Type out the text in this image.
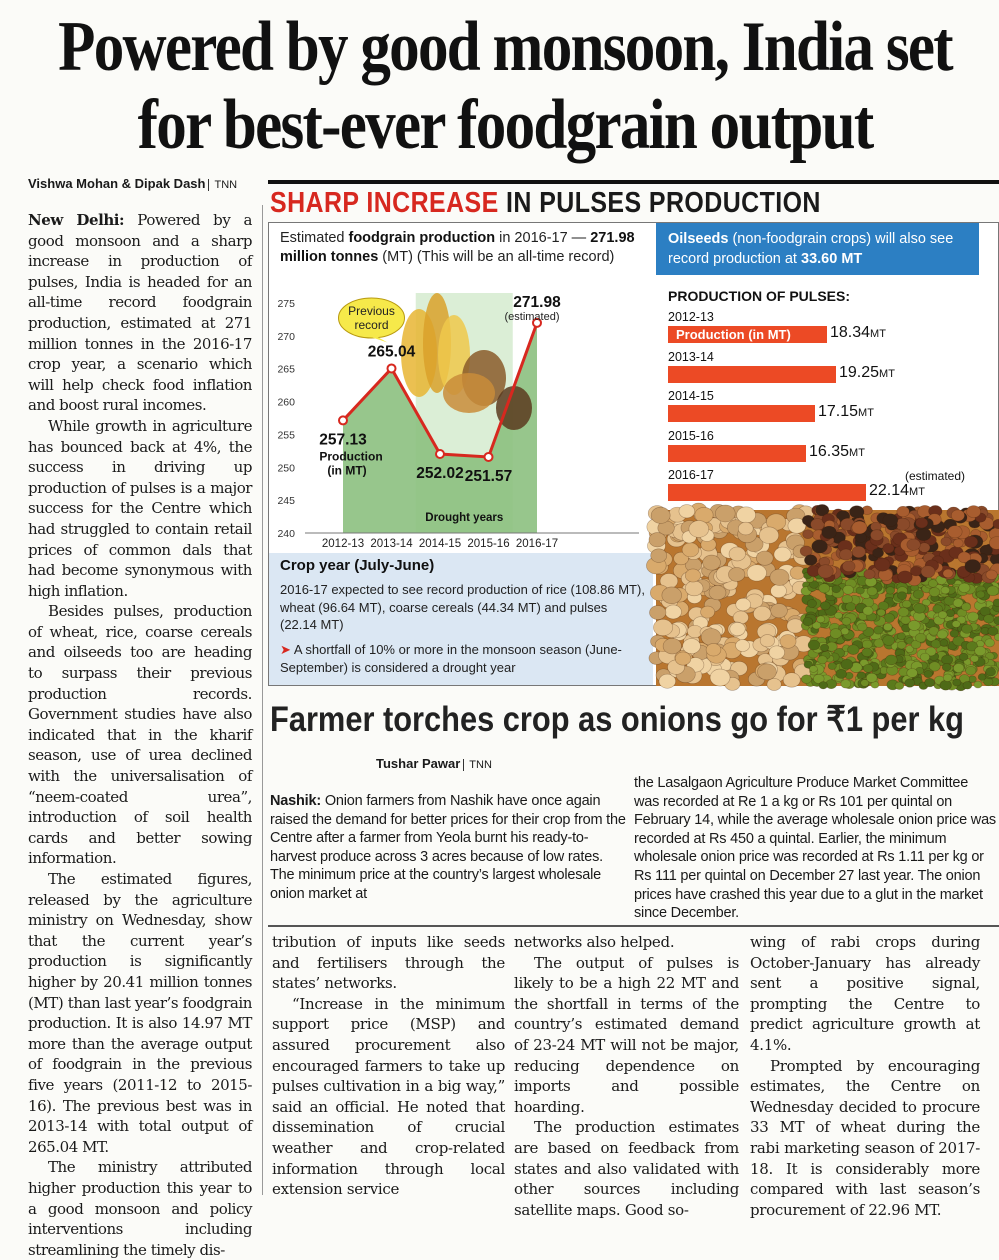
Powered by good monsoon, India set for best-ever foodgrain output
Vishwa Mohan & Dipak Dash TNN

New Delhi: Powered by a good monsoon and a sharp increase in production of pulses, India is headed for an all-time record foodgrain production, estimated at 271 million tonnes in the 2016-17 crop year, a scenario which will help check food inflation and boost rural incomes.

While growth in agriculture has bounced back at 4%, the success in driving up production of pulses is a major success for the Centre which had struggled to contain retail prices of common dals that had become synonymous with high inflation.

Besides pulses, production of wheat, rice, coarse cereals and oilseeds too are heading to surpass their previous production records. Government studies have also indicated that in the kharif season, use of urea declined with the universalisation of “neem-coated urea”, introduction of soil health cards and better sowing information.

The estimated figures, released by the agriculture ministry on Wednesday, show that the current year’s production is significantly higher by 20.41 million tonnes (MT) than last year’s foodgrain production. It is also 14.97 MT more than the average output of foodgrain in the previous five years (2011-12 to 2015-16). The previous best was in 2013-14 with total output of 265.04 MT.

The ministry attributed higher production this year to a good monsoon and policy interventions including streamlining the timely dis-

SHARP INCREASE IN PULSES PRODUCTION
Estimated foodgrain production in 2016-17 — 271.98 million tonnes (MT) (This will be an all-time record)
240
245
250
255
260
265
270
275
2012-13 2013-14 2014-15 2015-16 2016-17
257.13
265.04
252.02 251.57
271.98
(estimated)
Production
(in MT)
Previous
record
Drought years
Crop year (July-June)
2016-17 expected to see record production of rice (108.86 MT), wheat (96.64 MT), coarse cereals (44.34 MT) and pulses (22.14 MT)
➤ A shortfall of 10% or more in the monsoon season (June-September) is considered a drought year
Oilseeds (non-foodgrain crops) will also see record production at 33.60 MT
PRODUCTION OF PULSES:
(estimated)
Farmer torches crop as onions go for ₹1 per kg
Tushar Pawar TNN
Nashik: Onion farmers from Nashik have once again raised the demand for better prices for their crop from the Centre after a farmer from Yeola burnt his ready-to-harvest produce across 3 acres because of low rates. The minimum price at the country’s largest wholesale onion market at
the Lasalgaon Agriculture Produce Market Committee was recorded at Re 1 a kg or Rs 101 per quintal on February 14, while the average wholesale onion price was recorded at Rs 450 a quintal. Earlier, the minimum wholesale onion price was recorded at Rs 1.11 per kg or Rs 111 per quintal on December 27 last year. The onion prices have crashed this year due to a glut in the market since December.

tribution of inputs like seeds and fertilisers through the states’ networks.

“Increase in the minimum support price (MSP) and assured procurement also encouraged farmers to take up pulses cultivation in a big way,” said an official. He noted that dissemination of crucial weather and crop-related information through local extension service

networks also helped.

The output of pulses is likely to be a high 22 MT and the shortfall in terms of the country’s estimated demand of 23-24 MT will not be major, reducing dependence on imports and possible hoarding.

The production estimates are based on feedback from states and also validated with other sources including satellite maps. Good so-

wing of rabi crops during October-January has already sent a positive signal, prompting the Centre to predict agriculture growth at 4.1%.

Prompted by encouraging estimates, the Centre on Wednesday decided to procure 33 MT of wheat during the rabi marketing season of 2017-18. It is considerably more compared with last season’s procurement of 22.96 MT.

2012-13
Production (in MT) 18.34MT
2013-14
19.25MT
2014-15
17.15MT
2015-16
16.35MT
2016-17
22.14MT
